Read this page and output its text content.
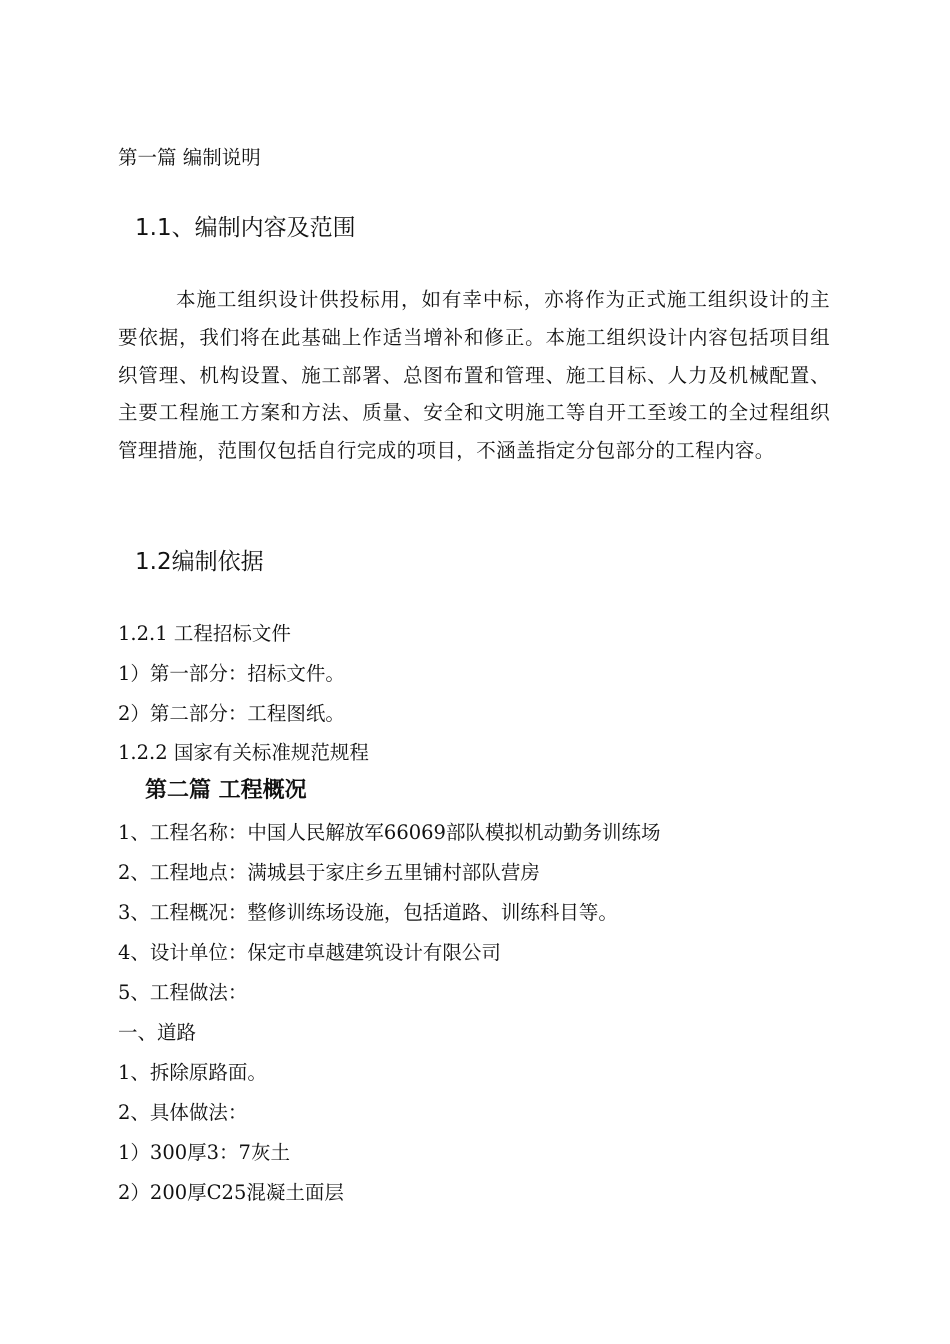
第一篇 编制说明
1.1、编制内容及范围
本施工组织设计供投标用，如有幸中标，亦将作为正式施工组织设计的主要依据，我们将在此基础上作适当增补和修正。本施工组织设计内容包括项目组织管理、机构设置、施工部署、总图布置和管理、施工目标、人力及机械配置、主要工程施工方案和方法、质量、安全和文明施工等自开工至竣工的全过程组织管理措施，范围仅包括自行完成的项目，不涵盖指定分包部分的工程内容。
1.2编制依据
1.2.1 工程招标文件
1）第一部分：招标文件。
2）第二部分：工程图纸。
1.2.2 国家有关标准规范规程
第二篇 工程概况
1、工程名称：中国人民解放军66069部队模拟机动勤务训练场
2、工程地点：满城县于家庄乡五里铺村部队营房
3、工程概况：整修训练场设施，包括道路、训练科目等。
4、设计单位：保定市卓越建筑设计有限公司
5、工程做法：
一、道路
1、拆除原路面。
2、具体做法：
1）300厚3：7灰土
2）200厚C25混凝土面层
